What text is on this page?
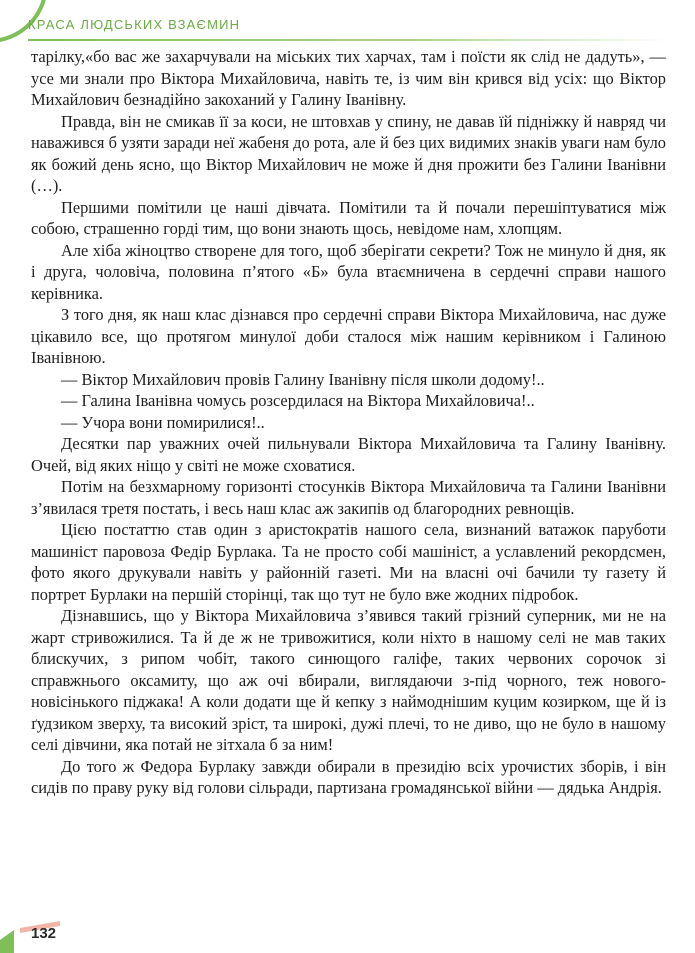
КРАСА ЛЮДСЬКИХ ВЗАЄМИН

тарілку,«бо вас же захарчували на міських тих харчах, там і поїсти як слід не дадуть», — усе ми знали про Віктора Михайловича, навіть те, із чим він крився від усіх: що Віктор Михайлович безнадійно закоханий у Галину Іванівну.

Правда, він не смикав її за коси, не штовхав у спину, не давав їй підніжку й навряд чи наважився б узяти заради неї жабеня до рота, але й без цих видимих знаків уваги нам було як божий день ясно, що Віктор Михайлович не може й дня прожити без Галини Іванівни (…).

Першими помітили це наші дівчата. Помітили та й почали перешіптуватися між собою, страшенно горді тим, що вони знають щось, невідоме нам, хлопцям.

Але хіба жіноцтво створене для того, щоб зберігати секрети? Тож не минуло й дня, як і друга, чоловіча, половина п’ятого «Б» була втаємничена в сердечні справи нашого керівника.

З того дня, як наш клас дізнався про сердечні справи Віктора Михайловича, нас дуже цікавило все, що протягом минулої доби сталося між нашим керівником і Галиною Іванівною.

— Віктор Михайлович провів Галину Іванівну після школи додому!..

— Галина Іванівна чомусь розсердилася на Віктора Михайловича!..

— Учора вони помирилися!..

Десятки пар уважних очей пильнували Віктора Михайловича та Галину Іванівну. Очей, від яких ніщо у світі не може сховатися.

Потім на безхмарному горизонті стосунків Віктора Михайловича та Галини Іванівни з’явилася третя постать, і весь наш клас аж закипів од благородних ревнощів.

Цією постаттю став один з аристократів нашого села, визнаний ватaжок паруботи машиніст паровоза Федір Бурлака. Та не просто собі машiніст, а уславлений рекордсмен, фото якого друкували навіть у районній газеті. Ми на власні очі бачили ту газету й портрет Бурлаки на першій сторінці, так що тут не було вже жодних підробок.

Дізнавшись, що у Віктора Михайловича з’явився такий грізний суперник, ми не на жарт стривожилися. Та й де ж не тривожитися, коли ніхто в нашому селі не мав таких блискучих, з рипом чобіт, такого синющого галіфе, таких червоних сорочок зі справжнього оксамиту, що аж очі вбирали, виглядаючи з-під чорного, теж нового-новісінького піджака! А коли додати ще й кепку з наймоднішим куцим козирком, ще й із ґудзиком зверху, та високий зріст, та широкі, дужі плечі, то не диво, що не було в нашому селі дівчини, яка потай не зітхала б за ним!

До того ж Федора Бурлаку завжди обирали в президію всіх урочистих зборів, і він сидів по праву руку від голови сільради, партизана громадянської війни — дядька Андрія.

132
